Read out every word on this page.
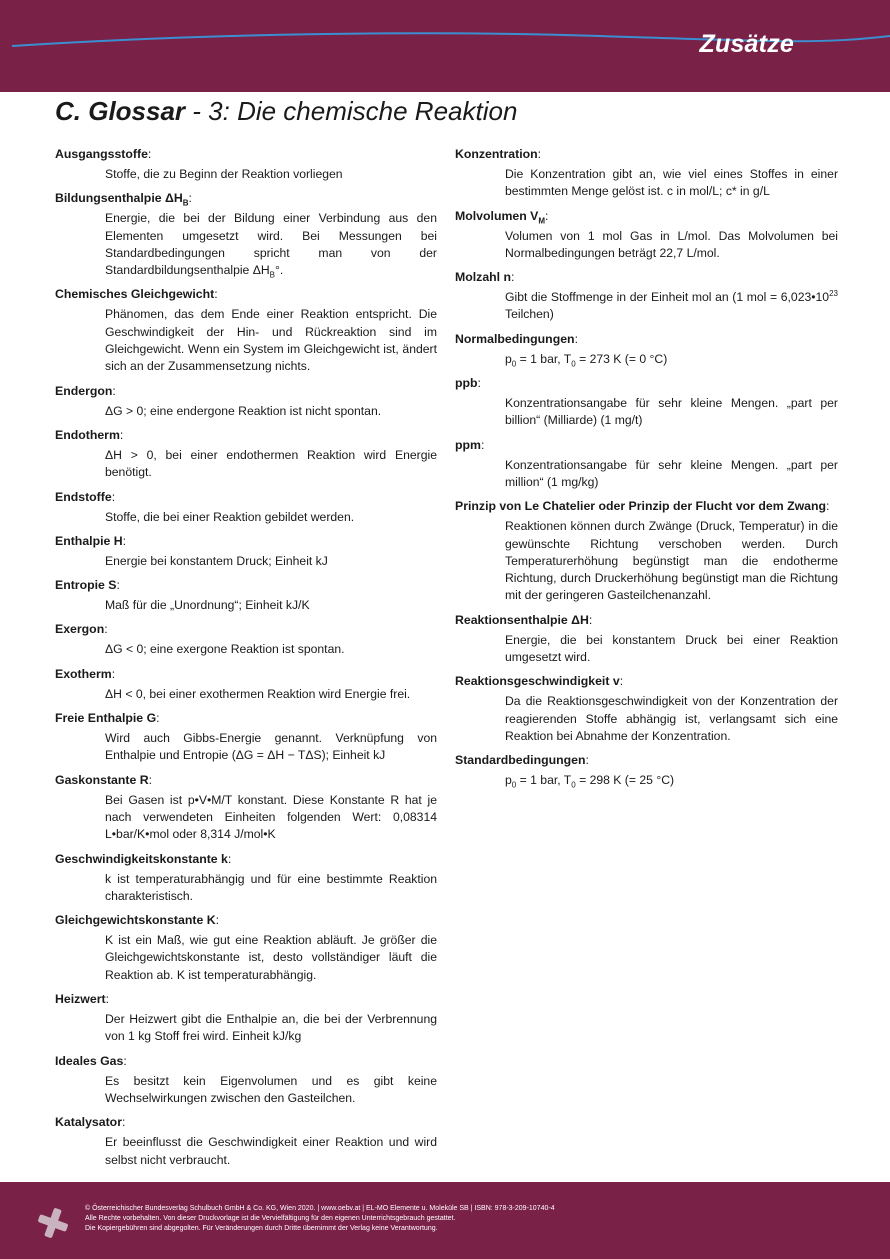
Zusätze
C. Glossar - 3: Die chemische Reaktion
Ausgangsstoffe:
Stoffe, die zu Beginn der Reaktion vorliegen
Bildungsenthalpie $\Delta H_B$:
Energie, die bei der Bildung einer Verbindung aus den Elementen umgesetzt wird. Bei Messungen bei Standardbedingungen spricht man von der Standardbildungsenthalpie $\Delta H_B^\circ$.
Chemisches Gleichgewicht:
Phänomen, das dem Ende einer Reaktion entspricht. Die Geschwindigkeit der Hin- und Rückreaktion sind im Gleichgewicht. Wenn ein System im Gleichgewicht ist, ändert sich an der Zusammensetzung nichts.
Endergon:
ΔG > 0; eine endergone Reaktion ist nicht spontan.
Endotherm:
ΔH > 0, bei einer endothermen Reaktion wird Energie benötigt.
Endstoffe:
Stoffe, die bei einer Reaktion gebildet werden.
Enthalpie H:
Energie bei konstantem Druck; Einheit kJ
Entropie S:
Maß für die „Unordnung“; Einheit kJ/K
Exergon:
ΔG < 0; eine exergone Reaktion ist spontan.
Exotherm:
ΔH < 0, bei einer exothermen Reaktion wird Energie frei.
Freie Enthalpie G:
Wird auch Gibbs-Energie genannt. Verknüpfung von Enthalpie und Entropie (ΔG = ΔH − TΔS); Einheit kJ
Gaskonstante R:
Bei Gasen ist p•V•M/T konstant. Diese Konstante R hat je nach verwendeten Einheiten folgenden Wert: 0,08314 L•bar/K•mol oder 8,314 J/mol•K
Geschwindigkeitskonstante k:
k ist temperaturabhängig und für eine bestimmte Reaktion charakteristisch.
Gleichgewichtskonstante K:
K ist ein Maß, wie gut eine Reaktion abläuft. Je größer die Gleichgewichtskonstante ist, desto vollständiger läuft die Reaktion ab. K ist temperaturabhängig.
Heizwert:
Der Heizwert gibt die Enthalpie an, die bei der Verbrennung von 1 kg Stoff frei wird. Einheit kJ/kg
Ideales Gas:
Es besitzt kein Eigenvolumen und es gibt keine Wechselwirkungen zwischen den Gasteilchen.
Katalysator:
Er beeinflusst die Geschwindigkeit einer Reaktion und wird selbst nicht verbraucht.
Konzentration:
Die Konzentration gibt an, wie viel eines Stoffes in einer bestimmten Menge gelöst ist. c in mol/L; c* in g/L
Molvolumen $V_M$:
Volumen von 1 mol Gas in L/mol. Das Molvolumen bei Normalbedingungen beträgt 22,7 L/mol.
Molzahl n:
Gibt die Stoffmenge in der Einheit mol an (1 mol = $6,023•10^{23}$ Teilchen)
Normalbedingungen:
$p_0 = 1$ bar, $T_0 = 273$ K (= 0 °C)
ppb:
Konzentrationsangabe für sehr kleine Mengen. „part per billion“ (Milliarde) (1 mg/t)
ppm:
Konzentrationsangabe für sehr kleine Mengen. „part per million“ (1 mg/kg)
Prinzip von Le Chatelier oder Prinzip der Flucht vor dem Zwang:
Reaktionen können durch Zwänge (Druck, Temperatur) in die gewünschte Richtung verschoben werden. Durch Temperaturerhöhung begünstigt man die endotherme Richtung, durch Druckerhöhung begünstigt man die Richtung mit der geringeren Gasteilchenanzahl.
Reaktionsenthalpie ΔH:
Energie, die bei konstantem Druck bei einer Reaktion umgesetzt wird.
Reaktionsgeschwindigkeit v:
Da die Reaktionsgeschwindigkeit von der Konzentration der reagierenden Stoffe abhängig ist, verlangsamt sich eine Reaktion bei Abnahme der Konzentration.
Standardbedingungen:
$p_0 = 1$ bar, $T_0 = 298$ K (= 25 °C)
© Österreichischer Bundesverlag Schulbuch GmbH & Co. KG, Wien 2020. | www.oebv.at | EL-MO Elemente u. Moleküle SB | ISBN: 978-3-209-10740-4
Alle Rechte vorbehalten. Von dieser Druckvorlage ist die Vervielfältigung für den eigenen Unterrichtsgebrauch gestattet.
Die Kopiergebühren sind abgegolten. Für Veränderungen durch Dritte übernimmt der Verlag keine Verantwortung.
